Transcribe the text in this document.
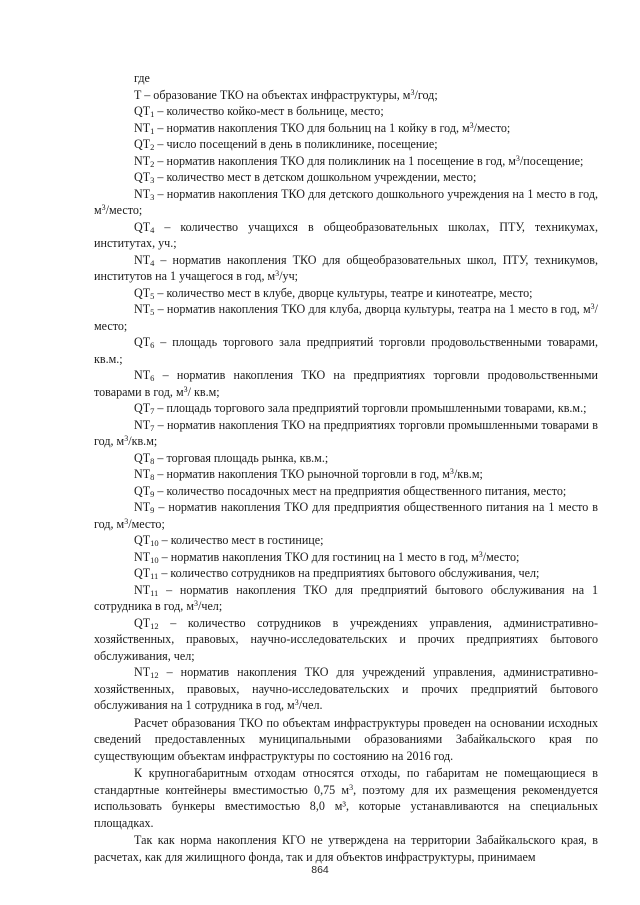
где

T – образование ТКО на объектах инфраструктуры, $м^3$/год;

$QT_1$ – количество койко-мест в больнице, место;

$NT_1$ – норматив накопления ТКО для больниц на 1 койку в год, $м^3$/место;

$QT_2$ – число посещений в день в поликлинике, посещение;

$NT_2$ – норматив накопления ТКО для поликлиник на 1 посещение в год, $м^3$/посещение;

$QT_3$ – количество мест в детском дошкольном учреждении, место;

$NT_3$ – норматив накопления ТКО для детского дошкольного учреждения на 1 место в год, $м^3$/место;

$QT_4$ – количество учащихся в общеобразовательных школах, ПТУ, техникумах, институтах, уч.;

$NT_4$ – норматив накопления ТКО для общеобразовательных школ, ПТУ, техникумов, институтов на 1 учащегося в год, $м^3/уч$;

$QT_5$ – количество мест в клубе, дворце культуры, театре и кинотеатре, место;

$NT_5$ – норматив накопления ТКО для клуба, дворца культуры, театра на 1 место в год, $м^3$/место;

$QT_6$ – площадь торгового зала предприятий торговли продовольственными товарами, кв.м.;

$NT_6$ – норматив накопления ТКО на предприятиях торговли продовольственными товарами в год, $м^3/$ кв.м;

$QT_7$ – площадь торгового зала предприятий торговли промышленными товарами, кв.м.;

$NT_7$ – норматив накопления ТКО на предприятиях торговли промышленными товарами в год, $м^3/кв.м$;

$QT_8$ – торговая площадь рынка, кв.м.;

$NT_8$ – норматив накопления ТКО рыночной торговли в год, $м^3/кв.м$;

$QT_9$ – количество посадочных мест на предприятия общественного питания, место;

$NT_9$ – норматив накопления ТКО для предприятия общественного питания на 1 место в год, $м^3$/место;

$QT_{10}$ – количество мест в гостинице;

$NT_{10}$ – норматив накопления ТКО для гостиниц на 1 место в год, $м^3$/место;

$QT_{11}$ – количество сотрудников на предприятиях бытового обслуживания, чел;

$NT_{11}$ – норматив накопления ТКО для предприятий бытового обслуживания на 1 сотрудника в год, $м^3$/чел;

$QT_{12}$ – количество сотрудников в учреждениях управления, административно-хозяйственных, правовых, научно-исследовательских и прочих предприятиях бытового обслуживания, чел;

$NT_{12}$ – норматив накопления ТКО для учреждений управления, административно-хозяйственных, правовых, научно-исследовательских и прочих предприятий бытового обслуживания на 1 сотрудника в год, $м^3$/чел.

Расчет образования ТКО по объектам инфраструктуры проведен на основании исходных сведений предоставленных муниципальными образованиями Забайкальского края по существующим объектам инфраструктуры по состоянию на 2016 год.

К крупногабаритным отходам относятся отходы, по габаритам не помещающиеся в стандартные контейнеры вместимостью 0,75 $м^3$, поэтому для их размещения рекомендуется использовать бункеры вместимостью 8,0 м³, которые устанавливаются на специальных площадках.

Так как норма накопления КГО не утверждена на территории Забайкальского края, в расчетах, как для жилищного фонда, так и для объектов инфраструктуры, принимаем

864
